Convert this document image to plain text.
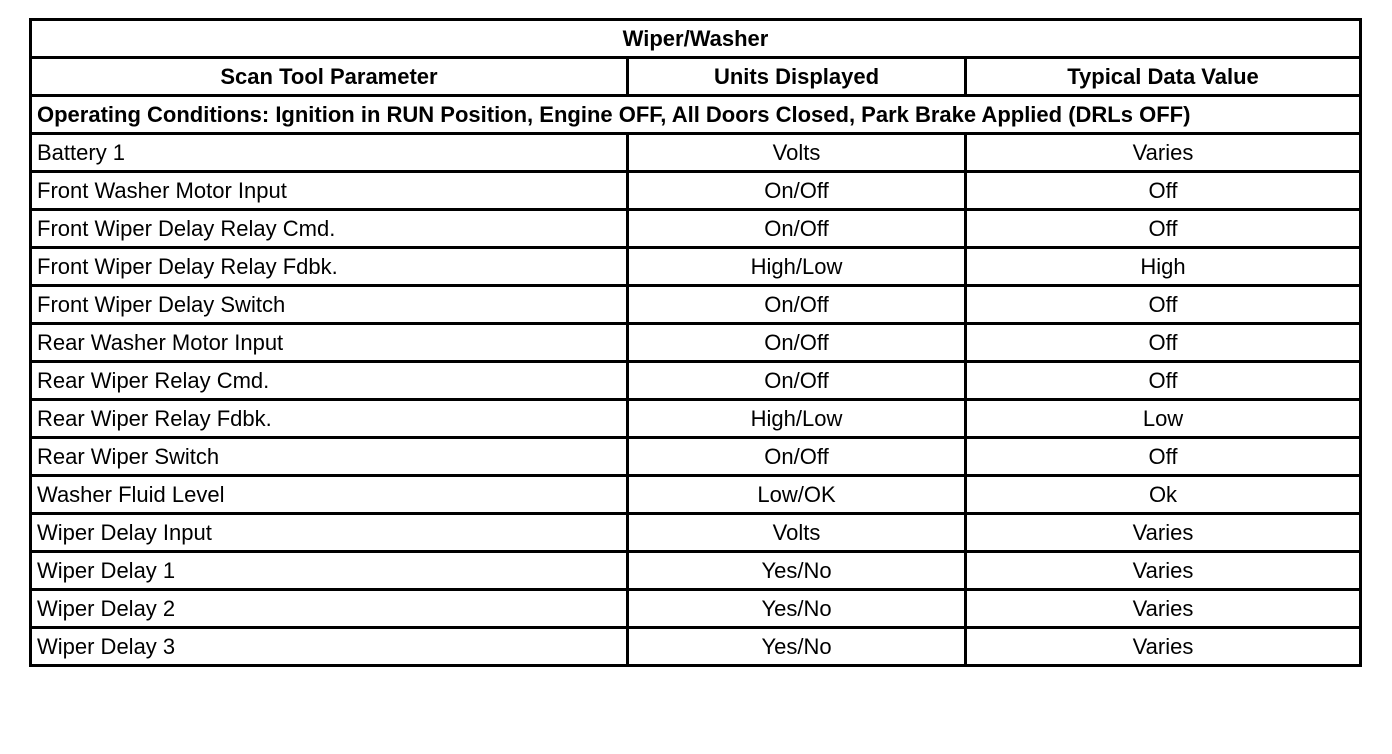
Wiper/Washer		
Scan Tool Parameter	Units Displayed	Typical Data Value
Operating Conditions: Ignition in RUN Position, Engine OFF, All Doors Closed, Park Brake Applied (DRLs OFF)		
Battery 1	Volts	Varies
Front Washer Motor Input	On/Off	Off
Front Wiper Delay Relay Cmd.	On/Off	Off
Front Wiper Delay Relay Fdbk.	High/Low	High
Front Wiper Delay Switch	On/Off	Off
Rear Washer Motor Input	On/Off	Off
Rear Wiper Relay Cmd.	On/Off	Off
Rear Wiper Relay Fdbk.	High/Low	Low
Rear Wiper Switch	On/Off	Off
Washer Fluid Level	Low/OK	Ok
Wiper Delay Input	Volts	Varies
Wiper Delay 1	Yes/No	Varies
Wiper Delay 2	Yes/No	Varies
Wiper Delay 3	Yes/No	Varies
